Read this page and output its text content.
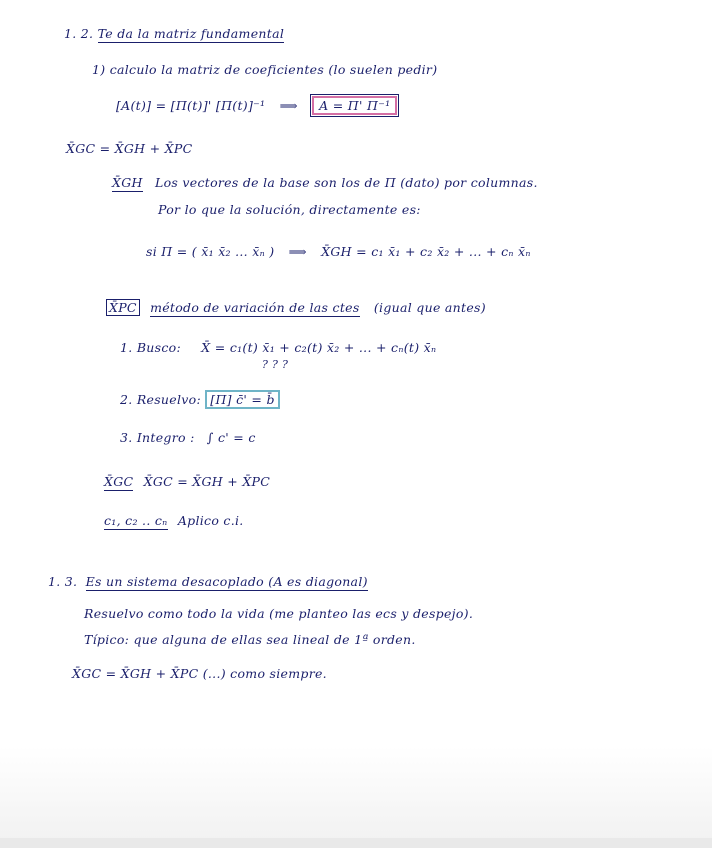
1. 2. Te da la matriz fundamental
1) calculo la matriz de coeficientes (lo suelen pedir)
[A(t)] = [Π(t)]' [Π(t)]⁻¹ ⟹ A = Π' Π⁻¹
X̄GC = X̄GH + X̄PC
X̄GH Los vectores de la base son los de Π (dato) por columnas.
Por lo que la solución, directamente es:
si Π = ( x̄₁ x̄₂ ... x̄ₙ ) ⟹ X̄GH = c₁ x̄₁ + c₂ x̄₂ + ... + cₙ x̄ₙ
X̄PC método de variación de las ctes (igual que antes)
1. Busco: X̄ = c₁(t) x̄₁ + c₂(t) x̄₂ + ... + cₙ(t) x̄ₙ
? ? ?
2. Resuelvo: [Π] c̄' = b̄
3. Integro : ∫ c' = c
X̄GC X̄GC = X̄GH + X̄PC
c₁, c₂ .. cₙ Aplico c.i.
1. 3. Es un sistema desacoplado (A es diagonal)
Resuelvo como todo la vida (me planteo las ecs y despejo).
Típico: que alguna de ellas sea lineal de 1ª orden.
X̄GC = X̄GH + X̄PC (...) como siempre.
